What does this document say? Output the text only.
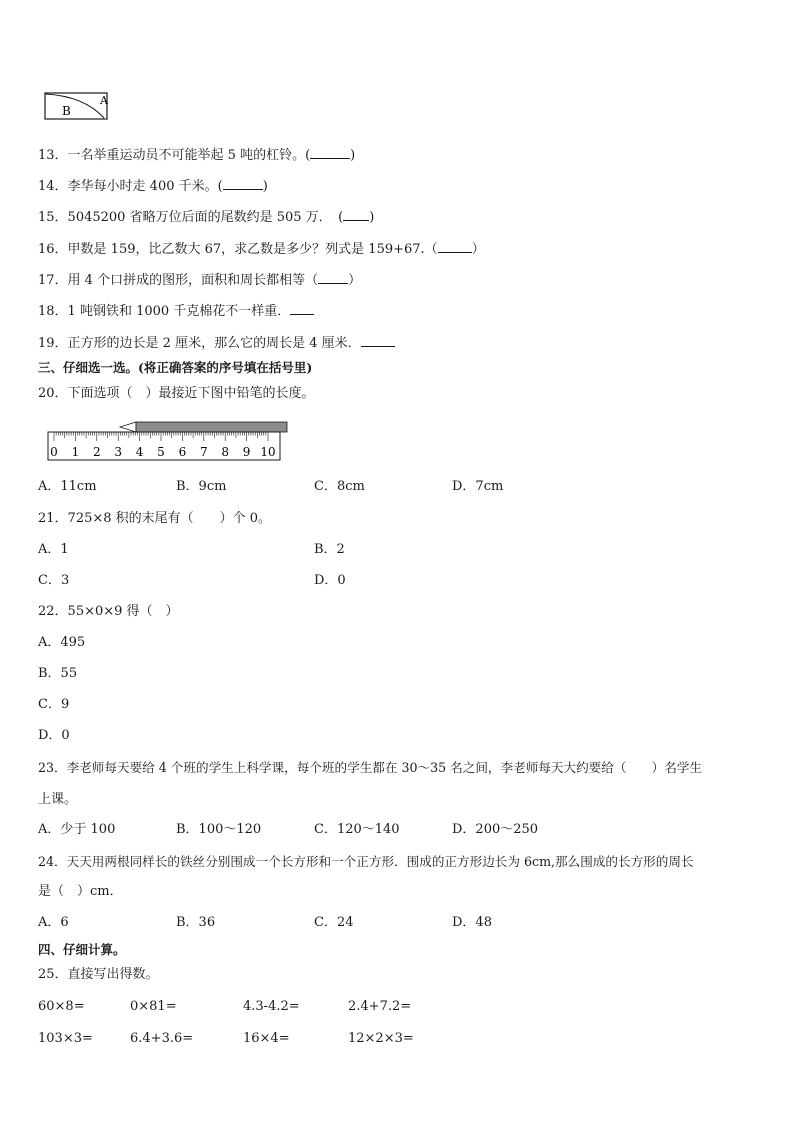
B
A
13．一名举重运动员不可能举起 5 吨的杠铃。(	)
14．李华每小时走 400 千米。(	)
15．5045200 省略万位后面的尾数约是 505 万．　( )
16．甲数是 159，比乙数大 67，求乙数是多少？列式是 159+67.（	）
17．用 4 个口拼成的图形，面积和周长都相等（ ）
18．1 吨钢铁和 1000 千克棉花不一样重．
19．正方形的边长是 2 厘米，那么它的周长是 4 厘米．
三、仔细选一选。(将正确答案的序号填在括号里)
20．下面选项（　）最接近下图中铅笔的长度。
0 1 2 3 4 5 6 7 8 9 10
A．11cm	B．9cm	C．8cm	D．7cm
21．725×8 积的末尾有（　　）个 0。
A．1	B．2
C．3	D．0
22．55×0×9 得（　）
A．495
B．55
C．9
D．0
23．李老师每天要给 4 个班的学生上科学课，每个班的学生都在 30～35 名之间，李老师每天大约要给（　　）名学生
上课。
A．少于 100	B．100～120	C．120～140	D．200～250
24．天天用两根同样长的铁丝分别围成一个长方形和一个正方形．围成的正方形边长为 6cm,那么围成的长方形的周长
是（　）cm．
A．6	B．36	C．24	D．48
四、仔细计算。
25．直接写出得数。
60×8=	0×81=	4.3-4.2=	2.4+7.2=
103×3=	6.4+3.6=	16×4=	12×2×3=
